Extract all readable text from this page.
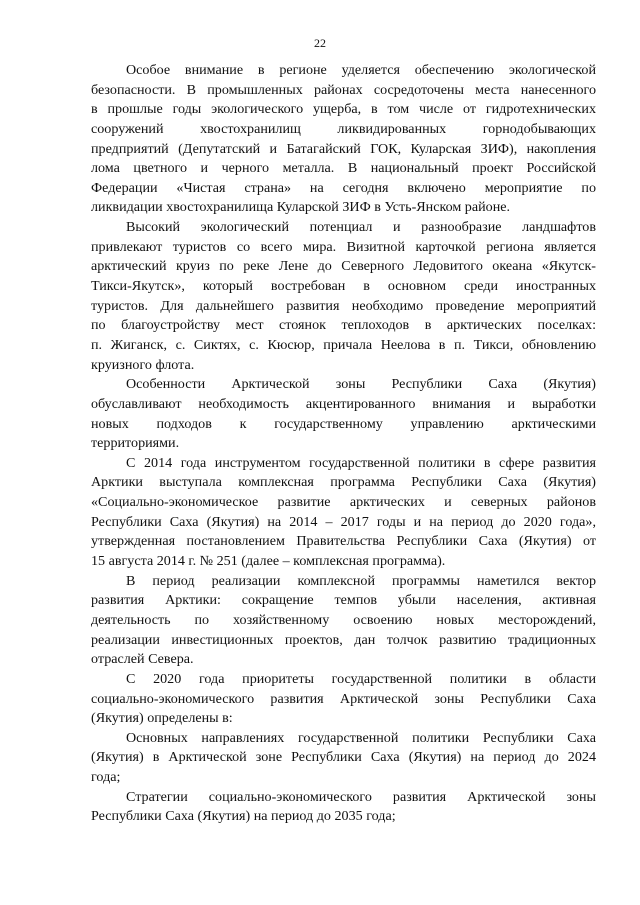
22
Особое внимание в регионе уделяется обеспечению экологической
безопасности. В промышленных районах сосредоточены места нанесенного
в прошлые годы экологического ущерба, в том числе от гидротехнических
сооружений хвостохранилищ ликвидированных горнодобывающих
предприятий (Депутатский и Батагайский ГОК, Куларская ЗИФ), накопления
лома цветного и черного металла. В национальный проект Российской
Федерации «Чистая страна» на сегодня включено мероприятие по
ликвидации хвостохранилища Куларской ЗИФ в Усть-Янском районе.
Высокий экологический потенциал и разнообразие ландшафтов
привлекают туристов со всего мира. Визитной карточкой региона является
арктический круиз по реке Лене до Северного Ледовитого океана «Якутск-
Тикси-Якутск», который востребован в основном среди иностранных
туристов. Для дальнейшего развития необходимо проведение мероприятий
по благоустройству мест стоянок теплоходов в арктических поселках:
п. Жиганск, с. Сиктях, с. Кюсюр, причала Неелова в п. Тикси, обновлению
круизного флота.
Особенности Арктической зоны Республики Саха (Якутия)
обуславливают необходимость акцентированного внимания и выработки
новых подходов к государственному управлению арктическими
территориями.
С 2014 года инструментом государственной политики в сфере развития
Арктики выступала комплексная программа Республики Саха (Якутия)
«Социально-экономическое развитие арктических и северных районов
Республики Саха (Якутия) на 2014 – 2017 годы и на период до 2020 года»,
утвержденная постановлением Правительства Республики Саха (Якутия) от
15 августа 2014 г. № 251 (далее – комплексная программа).
В период реализации комплексной программы наметился вектор
развития Арктики: сокращение темпов убыли населения, активная
деятельность по хозяйственному освоению новых месторождений,
реализации инвестиционных проектов, дан толчок развитию традиционных
отраслей Севера.
С 2020 года приоритеты государственной политики в области
социально-экономического развития Арктической зоны Республики Саха
(Якутия) определены в:
Основных направлениях государственной политики Республики Саха
(Якутия) в Арктической зоне Республики Саха (Якутия) на период до 2024
года;
Стратегии социально-экономического развития Арктической зоны
Республики Саха (Якутия) на период до 2035 года;
